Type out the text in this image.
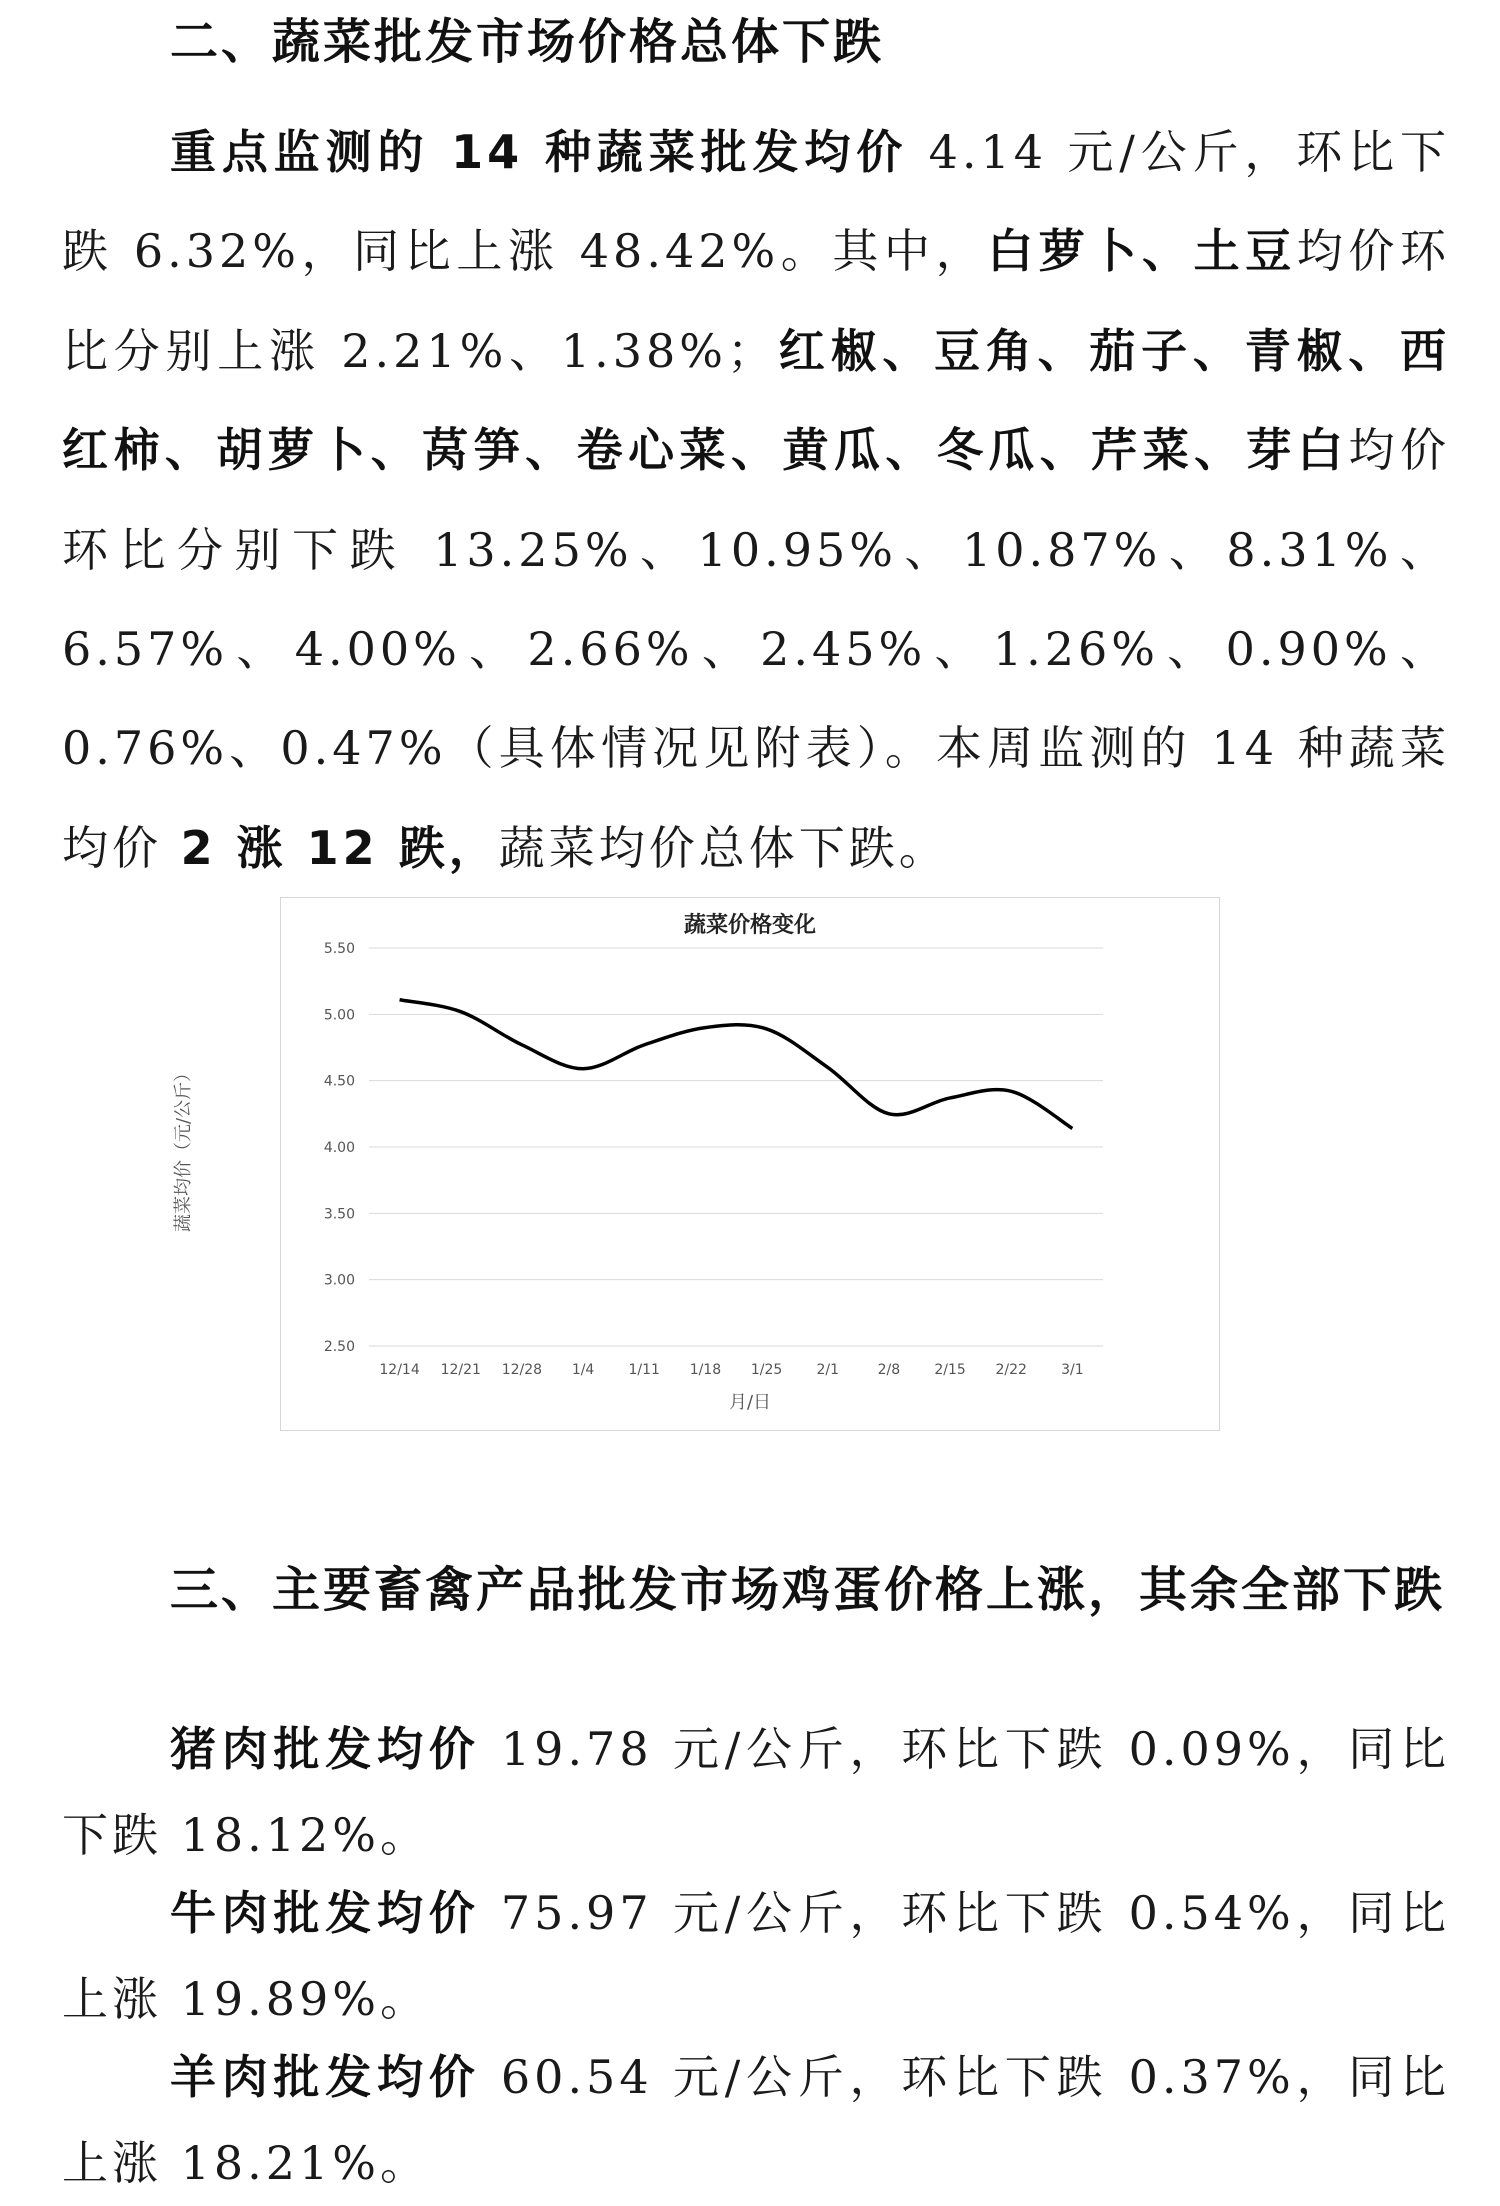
二、蔬菜批发市场价格总体下跌

重点监测的 14 种蔬菜批发均价 4.14 元/公斤，环比下跌 6.32%，同比上涨 48.42%。其中，白萝卜、土豆均价环比分别上涨 2.21%、1.38%；红椒、豆角、茄子、青椒、西红柿、胡萝卜、莴笋、卷心菜、黄瓜、冬瓜、芹菜、芽白均价环比分别下跌 13.25%、10.95%、10.87%、8.31%、6.57%、4.00%、2.66%、2.45%、1.26%、0.90%、0.76%、0.47%（具体情况见附表）。本周监测的 14 种蔬菜均价 2 涨 12 跌，蔬菜均价总体下跌。

蔬菜价格变化

2.50
3.00
3.50
4.00
4.50
5.00
5.50
12/14 12/21 12/28 1/4 1/11 1/18 1/25 2/1	2/8 2/15 2/22 3/1

蔬菜均价（元/公斤）

月/日

三、主要畜禽产品批发市场鸡蛋价格上涨，其余全部下跌

猪肉批发均价 19.78 元/公斤，环比下跌 0.09%，同比下跌 18.12%。

牛肉批发均价 75.97 元/公斤，环比下跌 0.54%，同比上涨 19.89%。

羊肉批发均价 60.54 元/公斤，环比下跌 0.37%，同比上涨 18.21%。
